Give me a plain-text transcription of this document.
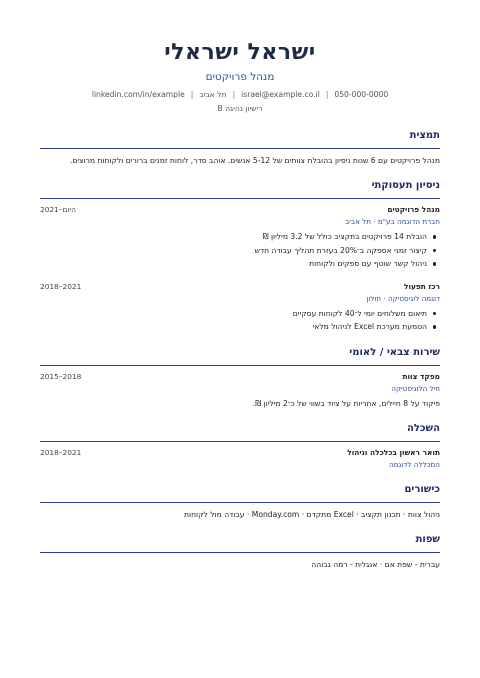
ישראל ישראלי
מנהל פרויקטים
050-000-0000|israel@example.co.il|תל אביב|linkedin.com/in/example
רישיון נהיגה B
תמצית
מנהל פרויקטים עם 6 שנות ניסיון בהובלת צוותים של 5-12 אנשים. אוהב סדר, לוחות זמנים ברורים ולקוחות מרוצים.
ניסיון תעסוקתי
מנהל פרויקטים
2021–היום
חברת הדוגמה בע"מ · תל אביב
הובלת 14 פרויקטים בתקציב כולל של 3.2 מיליון ₪
קיצור זמני אספקה ב־20% בעזרת תהליך עבודה חדש
ניהול קשר שוטף עם ספקים ולקוחות
רכז תפעול
2018–2021
דוגמה לוגיסטיקה · חולון
תיאום משלוחים יומי ל־40 לקוחות עסקיים
הטמעת מערכת Excel לניהול מלאי
שירות צבאי / לאומי
מפקד צוות
2015–2018
חיל הלוגיסטיקה
פיקוד על 8 חיילים, אחריות על ציוד בשווי של כ־2 מיליון ₪.
השכלה
תואר ראשון בכלכלה וניהול
2018–2021
המכללה לדוגמה
כישורים
ניהול צוות · תכנון תקציב · Excel מתקדם · Monday.com · עבודה מול לקוחות
שפות
עברית - שפת אם · אנגלית - רמה גבוהה
